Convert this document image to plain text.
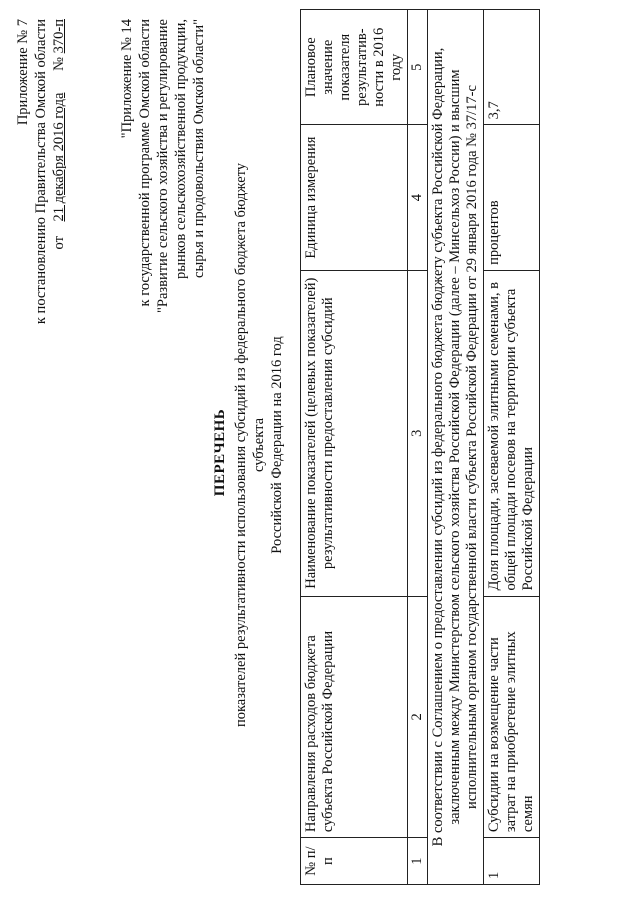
Приложение № 7 к постановлению Правительства Омской области от    21 декабря 2016 года      № 370-п	"Приложение № 14 к государственной программе Омской области "Развитие сельского хозяйства и регулирование рынков сельскохозяйственной продукции, сырья и продовольствия Омской области"
ПЕРЕЧЕНЬ показателей результативности использования субсидий из федерального бюджета бюджету субъекта Российской Федерации на 2016 год
№ п/п	Направления расходов бюджета субъекта Российской Федерации	Наименование показателей (целевых показателей) результативности предоставления субсидий	Единица измерения	Плановое значение показателя результатив-ности в 2016 году
1	2	3	4	5
В соответствии с Соглашением о предоставлении субсидий из федерального бюджета бюджету субъекта Российской Федерации, заключенным между Министерством сельского хозяйства Российской Федерации (далее – Минсельхоз России) и высшим исполнительным органом государственной власти субъекта Российской Федерации от 29 января 2016 года № 37/17-с				
1	Субсидии на возмещение части затрат на приобретение элитных семян	Доля площади, засеваемой элитными семенами, в общей площади посевов на территории субъекта Российской Федерации	процентов	3,7
